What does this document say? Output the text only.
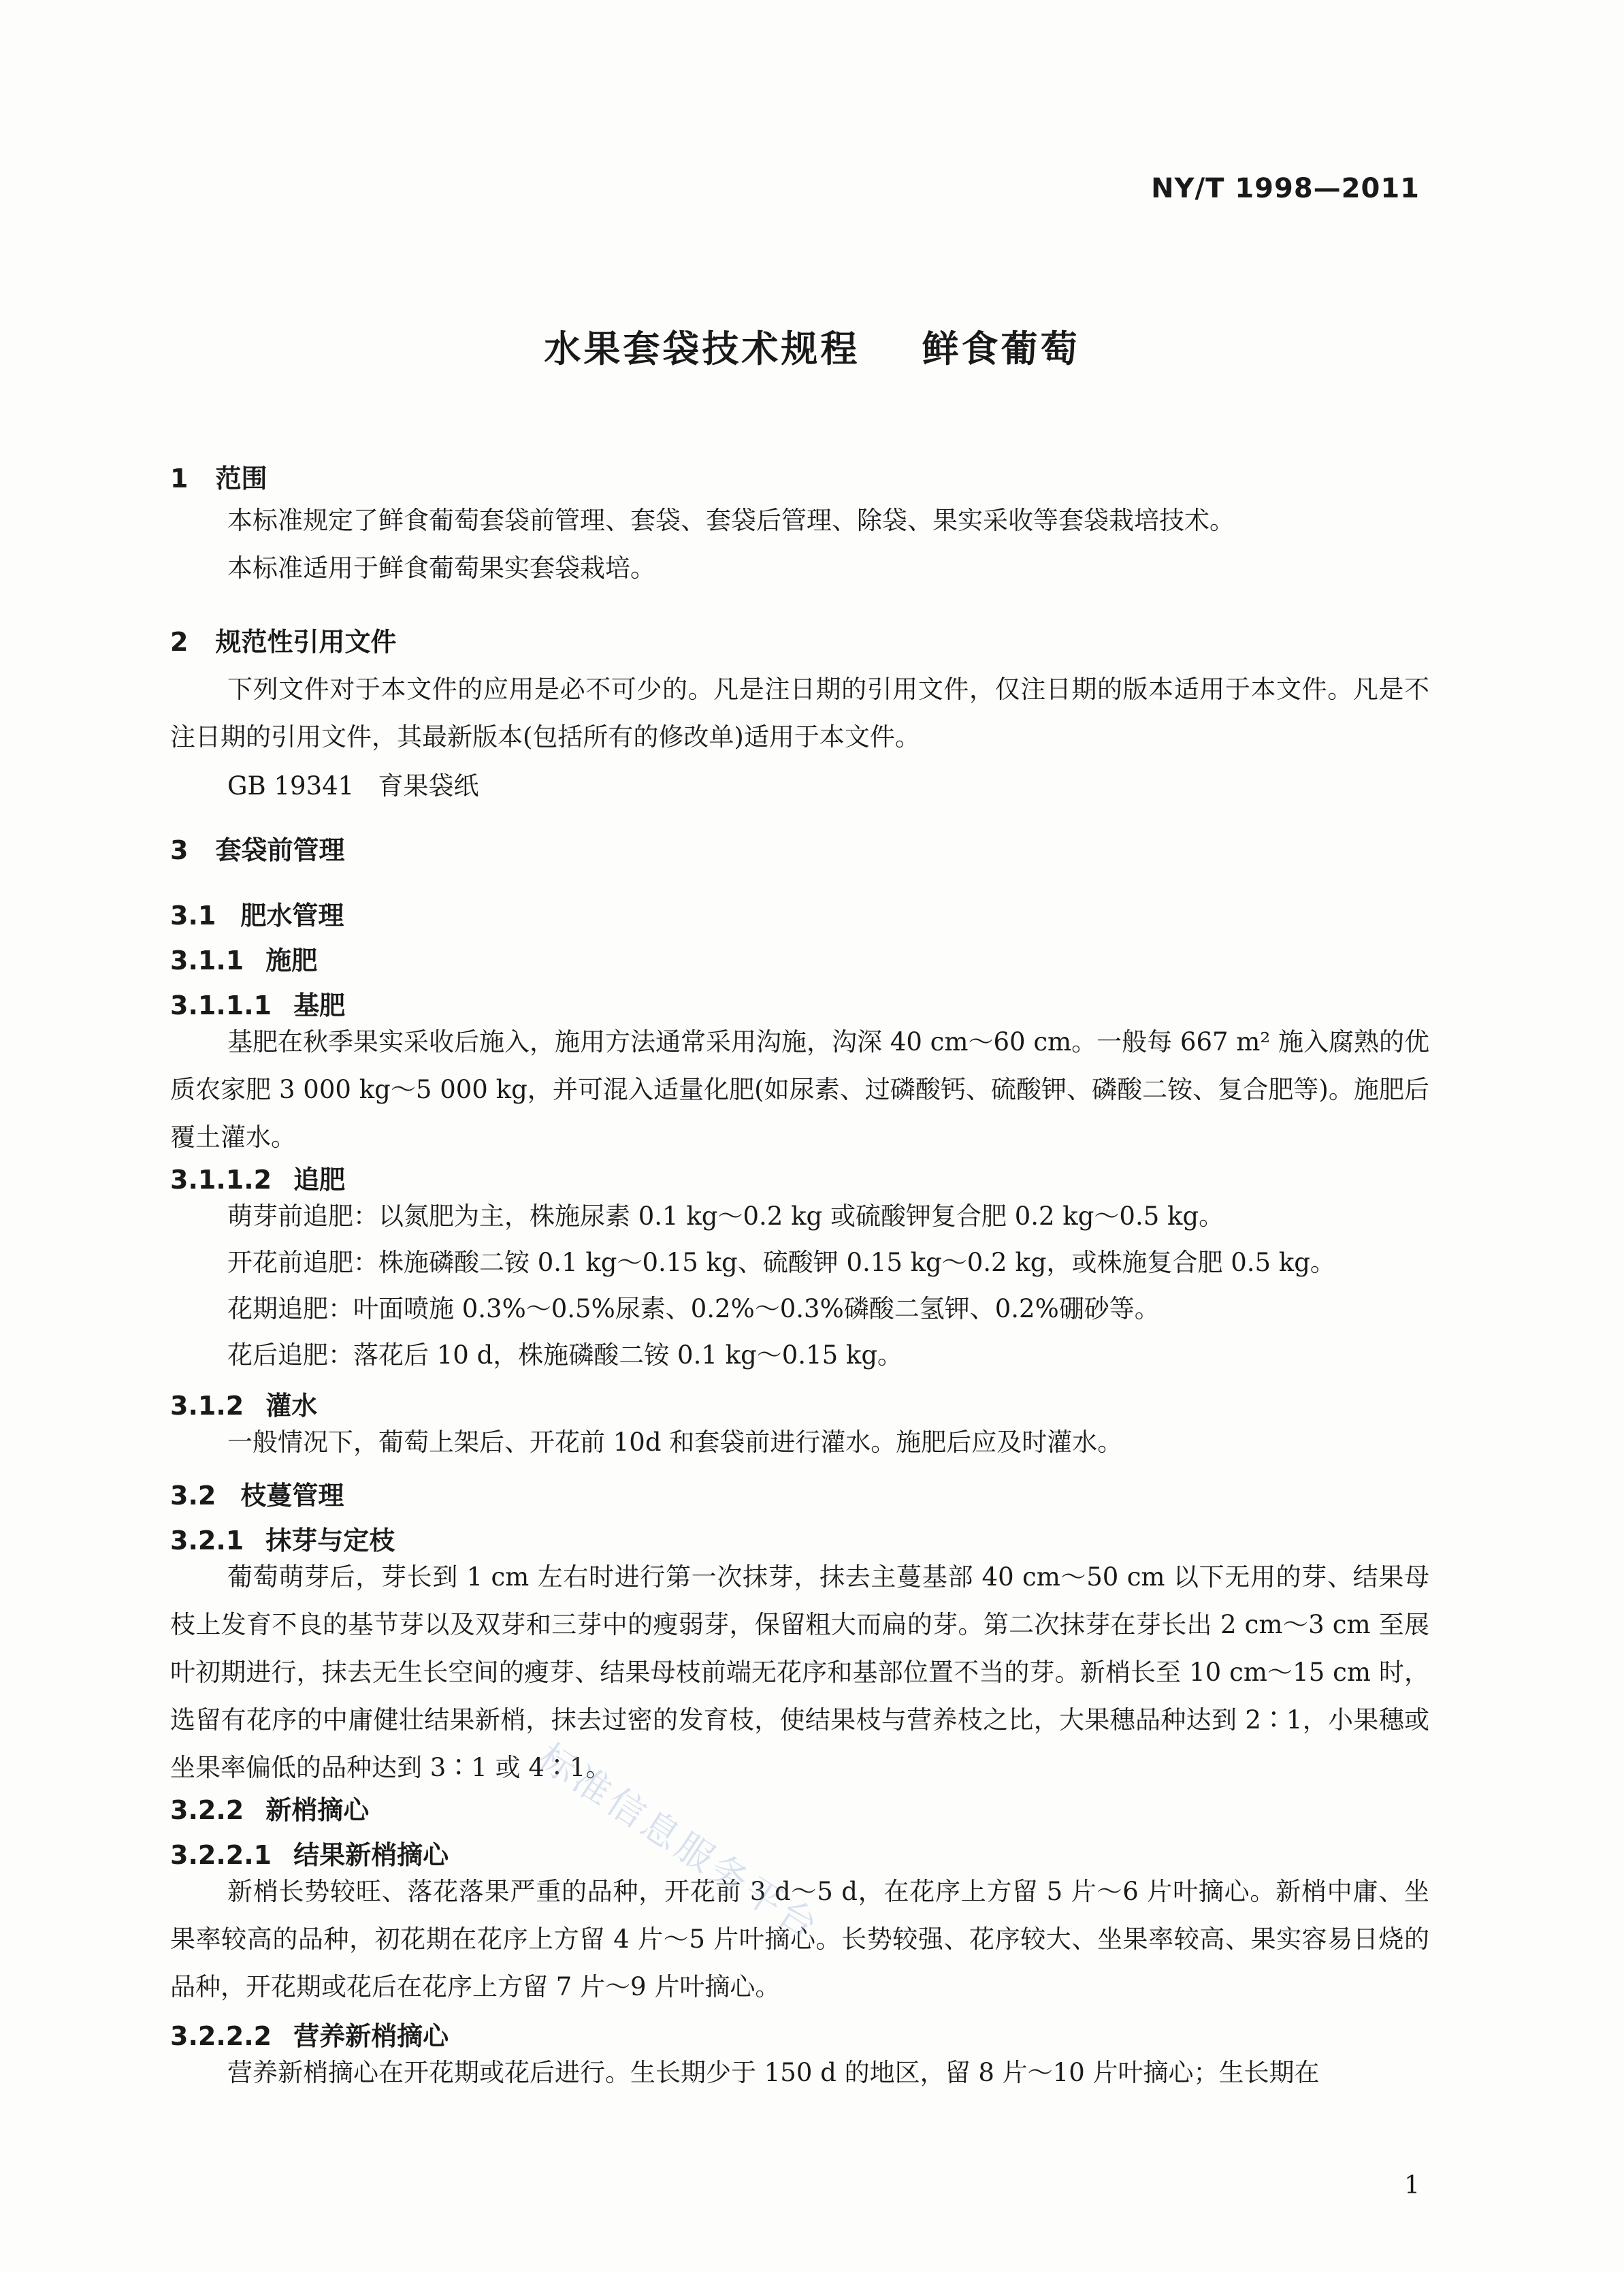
NY/T 1998—2011
水果套袋技术规程    鲜食葡萄
1 范围
本标准规定了鲜食葡萄套袋前管理、套袋、套袋后管理、除袋、果实采收等套袋栽培技术。
本标准适用于鲜食葡萄果实套袋栽培。
2 规范性引用文件
下列文件对于本文件的应用是必不可少的。凡是注日期的引用文件，仅注日期的版本适用于本文件。凡是不注日期的引用文件，其最新版本(包括所有的修改单)适用于本文件。
GB 19341   育果袋纸
3 套袋前管理
3.1 肥水管理
3.1.1 施肥
3.1.1.1 基肥
基肥在秋季果实采收后施入，施用方法通常采用沟施，沟深 40 cm～60 cm。一般每 667 m² 施入腐熟的优质农家肥 3 000 kg～5 000 kg，并可混入适量化肥(如尿素、过磷酸钙、硫酸钾、磷酸二铵、复合肥等)。施肥后覆土灌水。
3.1.1.2 追肥
萌芽前追肥：以氮肥为主，株施尿素 0.1 kg～0.2 kg 或硫酸钾复合肥 0.2 kg～0.5 kg。
开花前追肥：株施磷酸二铵 0.1 kg～0.15 kg、硫酸钾 0.15 kg～0.2 kg，或株施复合肥 0.5 kg。
花期追肥：叶面喷施 0.3%～0.5%尿素、0.2%～0.3%磷酸二氢钾、0.2%硼砂等。
花后追肥：落花后 10 d，株施磷酸二铵 0.1 kg～0.15 kg。
3.1.2 灌水
一般情况下，葡萄上架后、开花前 10d 和套袋前进行灌水。施肥后应及时灌水。
3.2 枝蔓管理
3.2.1 抹芽与定枝
葡萄萌芽后，芽长到 1 cm 左右时进行第一次抹芽，抹去主蔓基部 40 cm～50 cm 以下无用的芽、结果母枝上发育不良的基节芽以及双芽和三芽中的瘦弱芽，保留粗大而扁的芽。第二次抹芽在芽长出 2 cm～3 cm 至展叶初期进行，抹去无生长空间的瘦芽、结果母枝前端无花序和基部位置不当的芽。新梢长至 10 cm～15 cm 时，选留有花序的中庸健壮结果新梢，抹去过密的发育枝，使结果枝与营养枝之比，大果穗品种达到 2∶1，小果穗或坐果率偏低的品种达到 3∶1 或 4∶1。
3.2.2 新梢摘心
3.2.2.1 结果新梢摘心
新梢长势较旺、落花落果严重的品种，开花前 3 d～5 d，在花序上方留 5 片～6 片叶摘心。新梢中庸、坐果率较高的品种，初花期在花序上方留 4 片～5 片叶摘心。长势较强、花序较大、坐果率较高、果实容易日烧的品种，开花期或花后在花序上方留 7 片～9 片叶摘心。
3.2.2.2 营养新梢摘心
营养新梢摘心在开花期或花后进行。生长期少于 150 d 的地区，留 8 片～10 片叶摘心；生长期在
标准信息服务平台
1
